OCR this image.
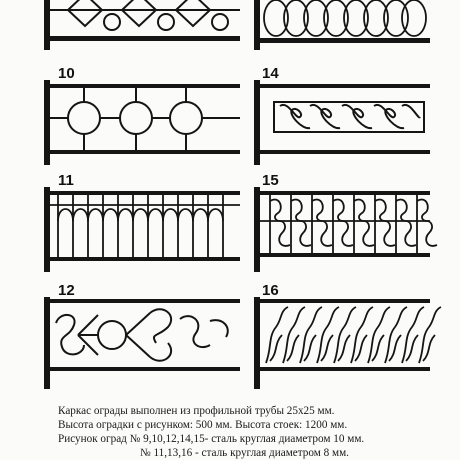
10	14
11	15
12	16
Каркас ограды выполнен из профильной трубы 25х25 мм.
Высота оградки с рисунком: 500 мм. Высота стоек: 1200 мм.
Рисунок оград № 9,10,12,14,15- сталь круглая диаметром 10 мм.
№ 11,13,16 - сталь круглая диаметром 8 мм.
